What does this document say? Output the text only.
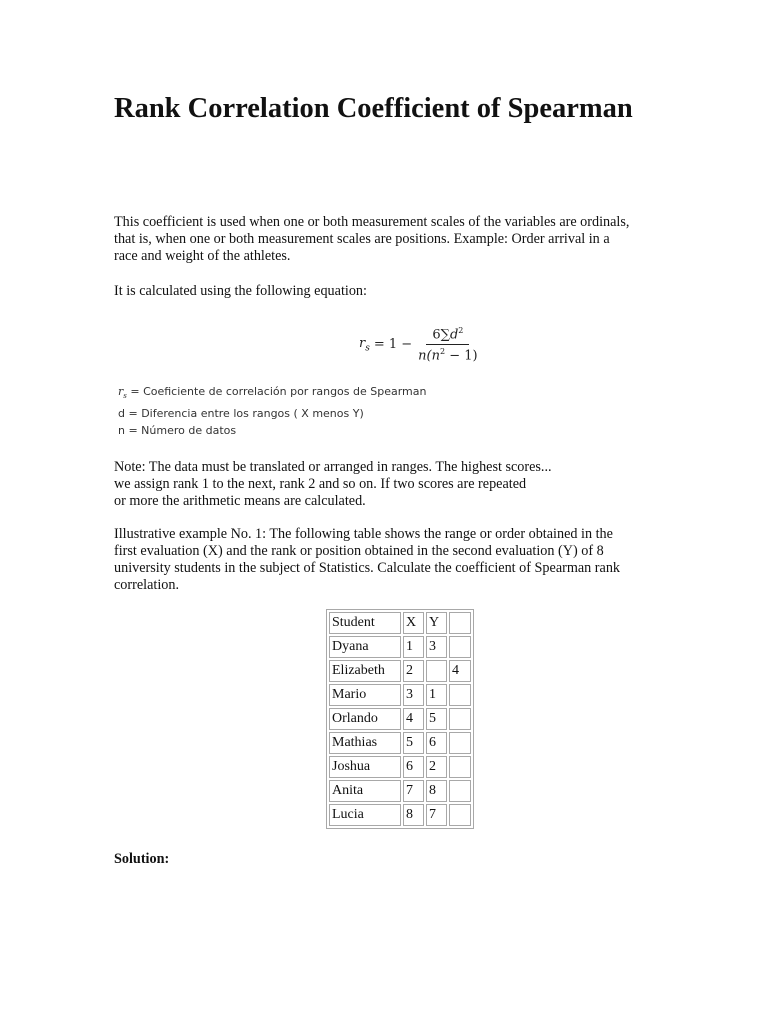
Rank Correlation Coefficient of Spearman

This coefficient is used when one or both measurement scales of the variables are ordinals, that is, when one or both measurement scales are positions. Example: Order arrival in a race and weight of the athletes.

It is calculated using the following equation:

$r_s = 1 - \frac{6\sum d^2}{n(n^2 - 1)}$
$r_s$ = Coeficiente de correlación por rangos de Spearman
d = Diferencia entre los rangos ( X menos Y)
n = Número de datos
Note: The data must be translated or arranged in ranges. The highest scores...
we assign rank 1 to the next, rank 2 and so on. If two scores are repeated
or more the arithmetic means are calculated.

Illustrative example No. 1: The following table shows the range or order obtained in the first evaluation (X) and the rank or position obtained in the second evaluation (Y) of 8 university students in the subject of Statistics. Calculate the coefficient of Spearman rank correlation.

Student	X	Y	
Dyana	1	3	
Elizabeth	2		4
Mario	3	1	
Orlando	4	5	
Mathias	5	6	
Joshua	6	2	
Anita	7	8	
Lucia	8	7	

Solution:
